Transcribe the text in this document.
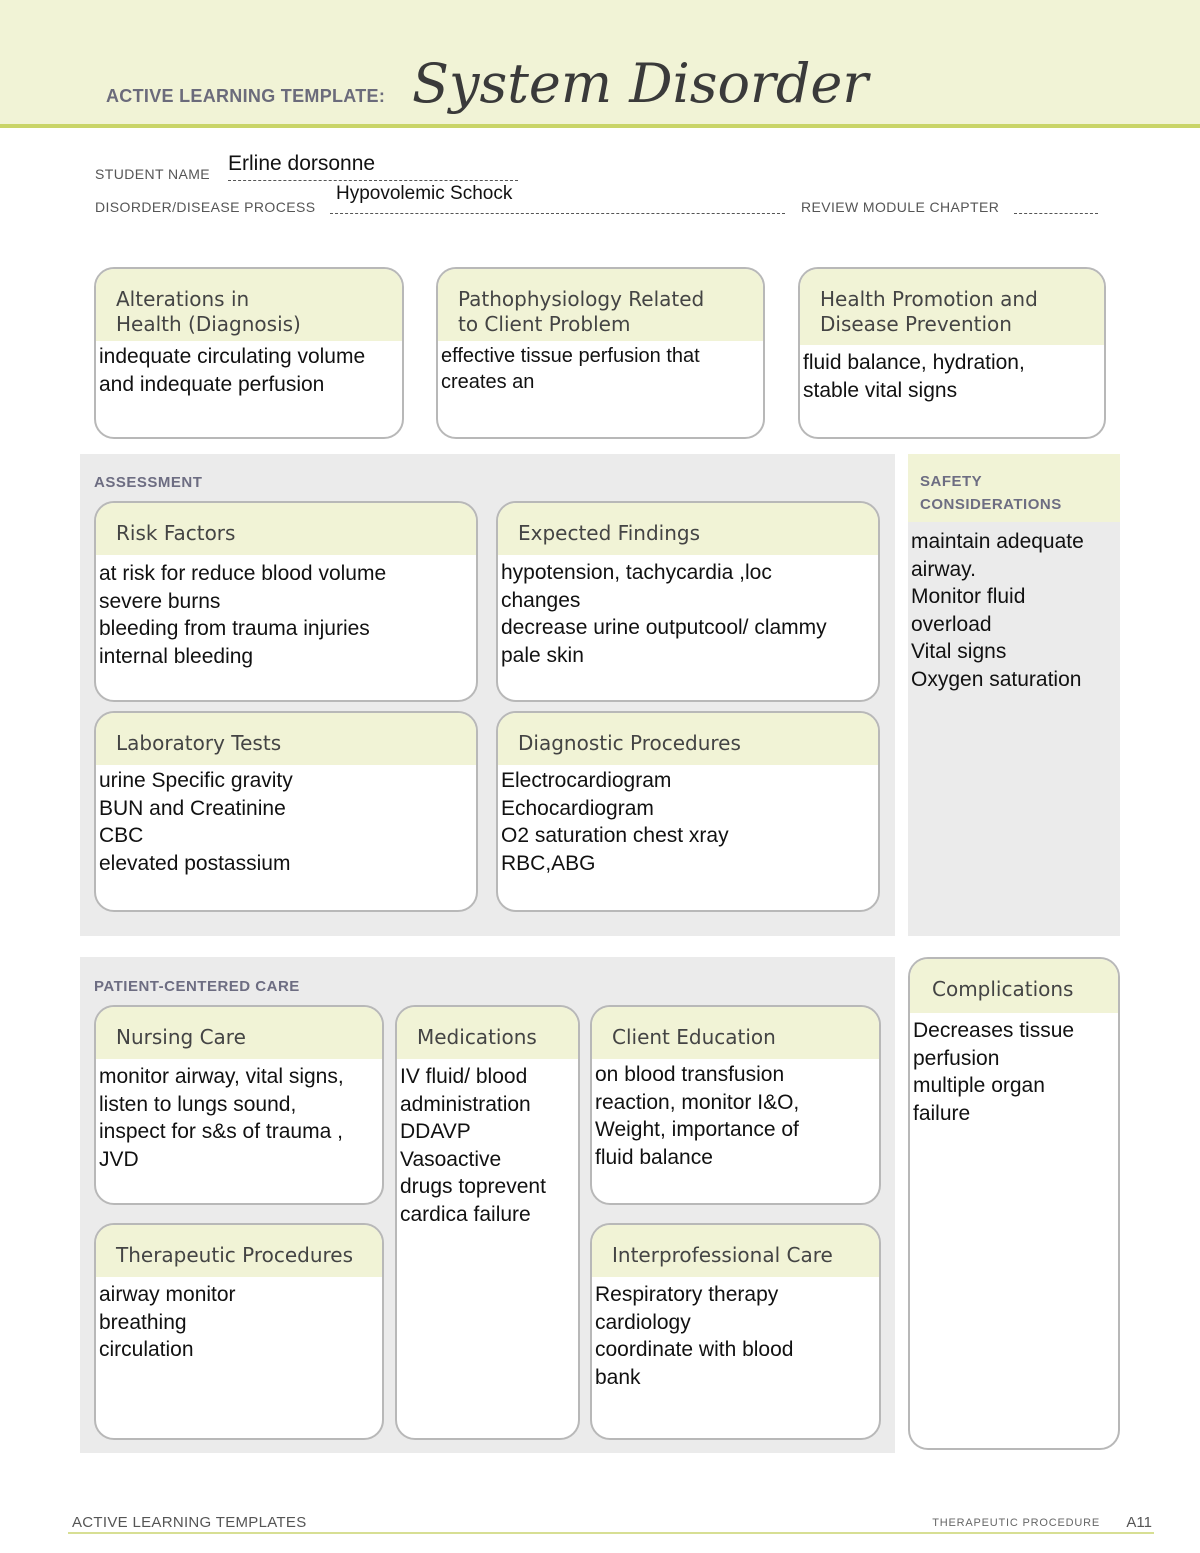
ACTIVE LEARNING TEMPLATE: System Disorder
STUDENT NAME Erline dorsonne
DISORDER/DISEASE PROCESS
Hypovolemic Schock
REVIEW MODULE CHAPTER
Alterations in
Health (Diagnosis)
indequate circulating volume
and indequate perfusion
Pathophysiology Related
to Client Problem
effective tissue perfusion that
creates an
Health Promotion and
Disease Prevention
fluid balance, hydration,
stable vital signs
ASSESSMENT
Risk Factors
at risk for reduce blood volume
severe burns
bleeding from trauma injuries
internal bleeding
Expected Findings
hypotension, tachycardia ,loc
changes
decrease urine outputcool/ clammy
pale skin
Laboratory Tests
urine Specific gravity
BUN and Creatinine
CBC
elevated postassium
Diagnostic Procedures
Electrocardiogram
Echocardiogram
O2 saturation chest xray
RBC,ABG
SAFETY
CONSIDERATIONS
maintain adequate
airway.
Monitor fluid
overload
Vital signs
Oxygen saturation
PATIENT-CENTERED CARE
Nursing Care
monitor airway, vital signs,
listen to lungs sound,
inspect for s&s of trauma ,
JVD
Medications
IV fluid/ blood
administration
DDAVP
Vasoactive
drugs toprevent
cardica failure
Client Education
on blood transfusion
reaction, monitor I&O,
Weight, importance of
fluid balance
Therapeutic Procedures
airway monitor
breathing
circulation
Interprofessional Care
Respiratory therapy
cardiology
coordinate with blood
bank
Complications
Decreases tissue
perfusion
multiple organ
failure
ACTIVE LEARNING TEMPLATES	THERAPEUTIC PROCEDURE A11
